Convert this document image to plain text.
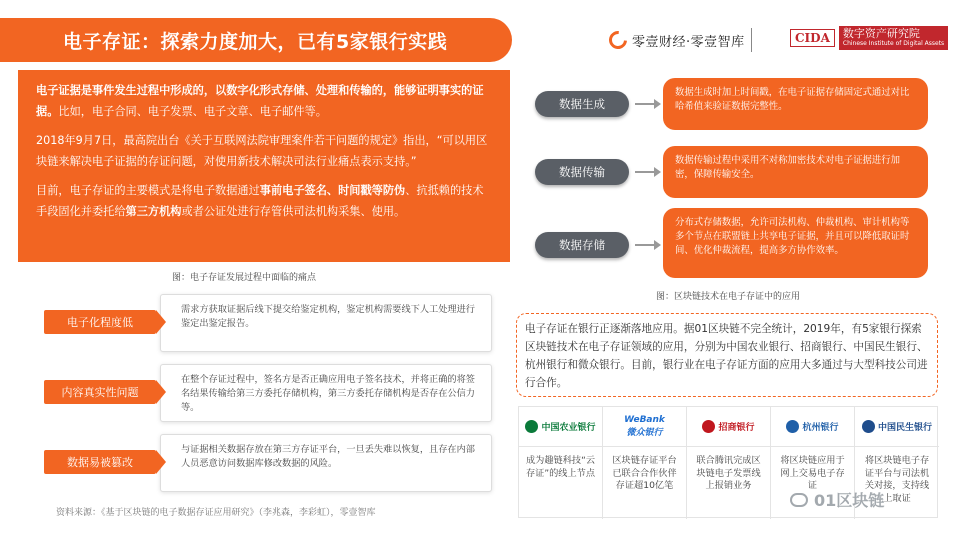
电子存证：探索力度加大，已有5家银行实践	零壹财经·零壹智库	CIDA	数字资产研究院
Chinese Institute of Digital Assets

电子证据是事件发生过程中形成的，以数字化形式存储、处理和传输的，能够证明事实的证据。比如，电子合同、电子发票、电子文章、电子邮件等。

2018年9月7日，最高院出台《关于互联网法院审理案件若干问题的规定》指出，“可以用区块链来解决电子证据的存证问题，对使用新技术解决司法行业痛点表示支持。”

目前，电子存证的主要模式是将电子数据通过事前电子签名、时间戳等防伪、抗抵赖的技术手段固化并委托给第三方机构或者公证处进行存管供司法机构采集、使用。

图：电子存证发展过程中面临的痛点
需求方获取证据后线下提交给鉴定机构，鉴定机构需要线下人工处理进行鉴定出鉴定报告。
电子化程度低
在整个存证过程中，签名方是否正确应用电子签名技术，并将正确的将签名结果传输给第三方委托存储机构，第三方委托存储机构是否存在公信力等。
内容真实性问题
与证据相关数据存放在第三方存证平台，一旦丢失难以恢复，且存在内部人员恶意访问数据库修改数据的风险。
数据易被篡改
资料来源：《基于区块链的电子数据存证应用研究》（李兆森，李彩虹），零壹智库
数据生成
数据生成时加上时间戳，在电子证据存储固定式通过对比哈希值来验证数据完整性。
数据传输
数据传输过程中采用不对称加密技术对电子证据进行加密，保障传输安全。
数据存储
分布式存储数据，允许司法机构、仲裁机构、审计机构等多个节点在联盟链上共享电子证据，并且可以降低取证时间、优化仲裁流程，提高多方协作效率。
图：区块链技术在电子存证中的应用
电子存证在银行正逐渐落地应用。据01区块链不完全统计，2019年，有5家银行探索区块链技术在电子存证领域的应用，分别为中国农业银行、招商银行、中国民生银行、杭州银行和微众银行。目前，银行业在电子存证方面的应用大多通过与大型科技公司进行合作。
中国农业银行
成为趣链科技“云存证”的线上节点
WeBank
微众银行
区块链存证平台已联合合作伙伴存证超10亿笔
招商银行
联合腾讯完成区块链电子发票线上报销业务
杭州银行
将区块链应用于网上交易电子存证
中国民生银行
将区块链电子存证平台与司法机关对接，支持线上取证
01区块链
